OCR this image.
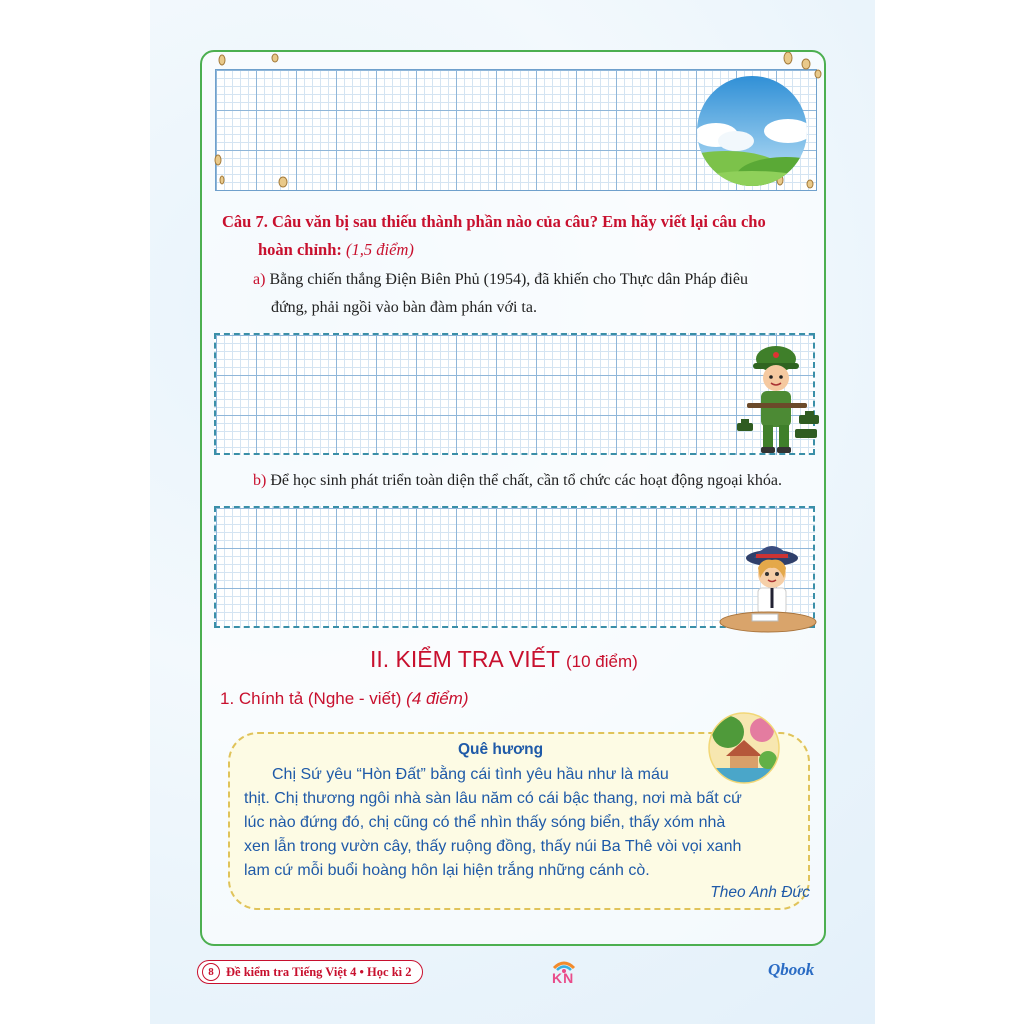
Câu 7. Câu văn bị sau thiếu thành phần nào của câu? Em hãy viết lại câu cho
hoàn chỉnh: (1,5 điểm)
a) Bằng chiến thắng Điện Biên Phủ (1954), đã khiến cho Thực dân Pháp điêu
đứng, phải ngồi vào bàn đàm phán với ta.
b) Để học sinh phát triển toàn diện thể chất, cần tổ chức các hoạt động ngoại khóa.
II. KIỂM TRA VIẾT (10 điểm)
1. Chính tả (Nghe - viết) (4 điểm)
Quê hương
Chị Sứ yêu “Hòn Đất” bằng cái tình yêu hầu như là máu
thịt. Chị thương ngôi nhà sàn lâu năm có cái bậc thang, nơi mà bất cứ
lúc nào đứng đó, chị cũng có thể nhìn thấy sóng biển, thấy xóm nhà
xen lẫn trong vườn cây, thấy ruộng đồng, thấy núi Ba Thê vòi vọi xanh
lam cứ mỗi buổi hoàng hôn lại hiện trắng những cánh cò.
Theo Anh Đức
8 Đề kiểm tra Tiếng Việt 4 • Học kì 2	KN	Qbook
